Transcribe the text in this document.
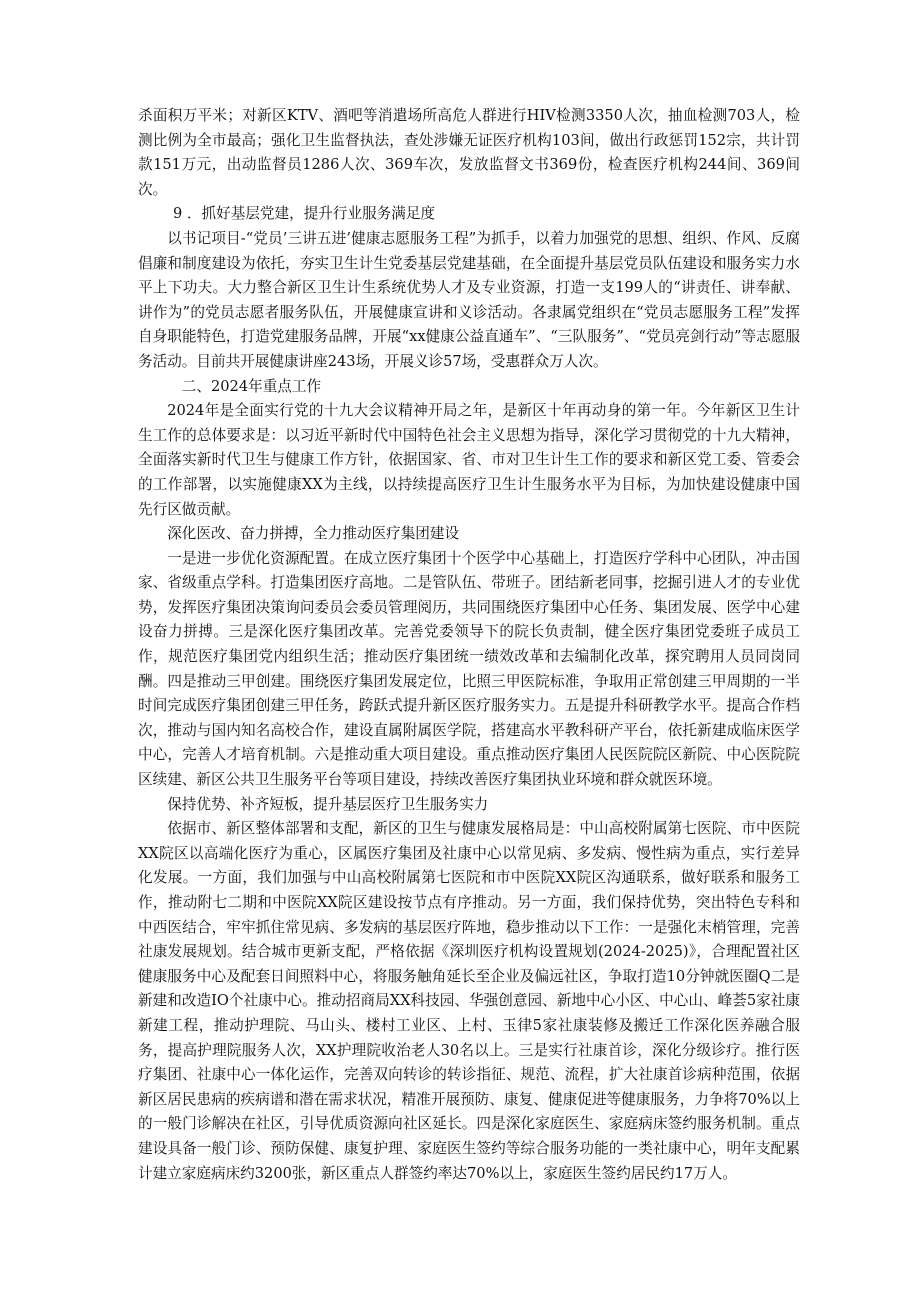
杀面积万平米；对新区KTV、酒吧等消遣场所高危人群进行HIV检测3350人次，抽血检测703人，检测比例为全市最高；强化卫生监督执法，查处涉嫌无证医疗机构103间，做出行政惩罚152宗，共计罚款151万元，出动监督员1286人次、369车次，发放监督文书369份，检查医疗机构244间、369间次。

9 ．抓好基层党建，提升行业服务满足度

以书记项目-“党员’三讲五进’健康志愿服务工程”为抓手，以着力加强党的思想、组织、作风、反腐倡廉和制度建设为依托，夯实卫生计生党委基层党建基础，在全面提升基层党员队伍建设和服务实力水平上下功夫。大力整合新区卫生计生系统优势人才及专业资源，打造一支199人的“讲责任、讲奉献、讲作为”的党员志愿者服务队伍，开展健康宣讲和义诊活动。各隶属党组织在“党员志愿服务工程”发挥自身职能特色，打造党建服务品牌，开展“xx健康公益直通车”、“三队服务”、“党员亮剑行动”等志愿服务活动。目前共开展健康讲座243场，开展义诊57场，受惠群众万人次。

二、2024年重点工作

2024年是全面实行党的十九大会议精神开局之年，是新区十年再动身的第一年。今年新区卫生计生工作的总体要求是：以习近平新时代中国特色社会主义思想为指导，深化学习贯彻党的十九大精神，全面落实新时代卫生与健康工作方针，依据国家、省、市对卫生计生工作的要求和新区党工委、管委会的工作部署，以实施健康XX为主线，以持续提高医疗卫生计生服务水平为目标，为加快建设健康中国先行区做贡献。

深化医改、奋力拼搏，全力推动医疗集团建设

一是进一步优化资源配置。在成立医疗集团十个医学中心基础上，打造医疗学科中心团队，冲击国家、省级重点学科。打造集团医疗高地。二是管队伍、带班子。团结新老同事，挖掘引进人才的专业优势，发挥医疗集团决策询问委员会委员管理阅历，共同围绕医疗集团中心任务、集团发展、医学中心建设奋力拼搏。三是深化医疗集团改革。完善党委领导下的院长负责制，健全医疗集团党委班子成员工作，规范医疗集团党内组织生活；推动医疗集团统一绩效改革和去编制化改革，探究聘用人员同岗同酬。四是推动三甲创建。围绕医疗集团发展定位，比照三甲医院标准，争取用正常创建三甲周期的一半时间完成医疗集团创建三甲任务，跨跃式提升新区医疗服务实力。五是提升科研教学水平。提高合作档次，推动与国内知名高校合作，建设直属附属医学院，搭建高水平教科研产平台，依托新建成临床医学中心，完善人才培育机制。六是推动重大项目建设。重点推动医疗集团人民医院院区新院、中心医院院区续建、新区公共卫生服务平台等项目建设，持续改善医疗集团执业环境和群众就医环境。

保持优势、补齐短板，提升基层医疗卫生服务实力

依据市、新区整体部署和支配，新区的卫生与健康发展格局是：中山高校附属第七医院、市中医院XX院区以高端化医疗为重心，区属医疗集团及社康中心以常见病、多发病、慢性病为重点，实行差异化发展。一方面，我们加强与中山高校附属第七医院和市中医院XX院区沟通联系，做好联系和服务工作，推动附七二期和中医院XX院区建设按节点有序推动。另一方面，我们保持优势，突出特色专科和中西医结合，牢牢抓住常见病、多发病的基层医疗阵地，稳步推动以下工作：一是强化末梢管理，完善社康发展规划。结合城市更新支配，严格依据《深圳医疗机构设置规划(2024-2025)》，合理配置社区健康服务中心及配套日间照料中心，将服务触角延长至企业及偏远社区，争取打造10分钟就医圈Q二是新建和改造IO个社康中心。推动招商局XX科技园、华强创意园、新地中心小区、中心山、峰荟5家社康新建工程，推动护理院、马山头、楼村工业区、上村、玉律5家社康装修及搬迁工作深化医养融合服务，提高护理院服务人次，XX护理院收治老人30名以上。三是实行社康首诊，深化分级诊疗。推行医疗集团、社康中心一体化运作，完善双向转诊的转诊指征、规范、流程，扩大社康首诊病种范围，依据新区居民患病的疾病谱和潜在需求状况，精准开展预防、康复、健康促进等健康服务，力争将70%以上的一般门诊解决在社区，引导优质资源向社区延长。四是深化家庭医生、家庭病床签约服务机制。重点建设具备一般门诊、预防保健、康复护理、家庭医生签约等综合服务功能的一类社康中心，明年支配累计建立家庭病床约3200张，新区重点人群签约率达70%以上，家庭医生签约居民约17万人。
